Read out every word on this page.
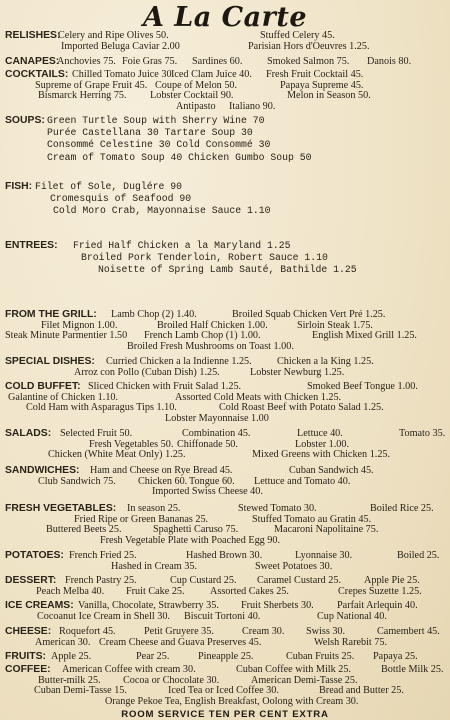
A La Carte
RELISHES:
Celery and Ripe Olives 50.	Stuffed Celery 45.
Imported Beluga Caviar 2.00	Parisian Hors d'Oeuvres 1.25.
CANAPES:
Anchovies 75. Foie Gras 75. Sardines 60. Smoked Salmon 75. Danois 80.
COCKTAILS: Chilled Tomato Juice 30.
Iced Clam Juice 40. Fresh Fruit Cocktail 45.
Supreme of Grape Fruit 45. Coupe of Melon 50.	Papaya Supreme 45.
Bismarck Herring 75. Lobster Cocktail 90.	Melon in Season 50.
Antipasto Italiano 90.
SOUPS: Green Turtle Soup with Sherry Wine 70
Purée Castellana 30 Tartare Soup 30
Consommé Celestine 30 Cold Consommé 30
Cream of Tomato Soup 40 Chicken Gumbo Soup 50
FISH: Filet of Sole, Duglére 90
Cromesquis of Seafood 90
Cold Moro Crab, Mayonnaise Sauce 1.10
ENTREES: Fried Half Chicken a la Maryland 1.25
Broiled Pork Tenderloin, Robert Sauce 1.10
Noisette of Spring Lamb Sauté, Bathilde 1.25
FROM THE GRILL: Lamb Chop (2) 1.40.	Broiled Squab Chicken Vert Pré 1.25.
Filet Mignon 1.00.	Broiled Half Chicken 1.00.	Sirloin Steak 1.75.
Steak Minute Parmentier 1.50 French Lamb Chop (1) 1.00.	English Mixed Grill 1.25.
Broiled Fresh Mushrooms on Toast 1.00.
SPECIAL DISHES: Curried Chicken a la Indienne 1.25. Chicken a la King 1.25.
Arroz con Pollo (Cuban Dish) 1.25.	Lobster Newburg 1.25.
COLD BUFFET: Sliced Chicken with Fruit Salad 1.25.	Smoked Beef Tongue 1.00.
Galantine of Chicken 1.10.	Assorted Cold Meats with Chicken 1.25.
Cold Ham with Asparagus Tips 1.10.	Cold Roast Beef with Potato Salad 1.25.
Lobster Mayonnaise 1.00
SALADS: Selected Fruit 50.	Combination 45.	Lettuce 40.	Tomato 35.
Fresh Vegetables 50. Chiffonade 50.	Lobster 1.00.
Chicken (White Meat Only) 1.25.	Mixed Greens with Chicken 1.25.
SANDWICHES: Ham and Cheese on Rye Bread 45.	Cuban Sandwich 45.
Club Sandwich 75. Chicken 60. Tongue 60. Lettuce and Tomato 40.
Imported Swiss Cheese 40.
FRESH VEGETABLES: In season 25.	Stewed Tomato 30.	Boiled Rice 25.
Fried Ripe or Green Bananas 25.	Stuffed Tomato au Gratin 45.
Buttered Beets 25.	Spaghetti Caruso 75.	Macaroni Napolitaine 75.
Fresh Vegetable Plate with Poached Egg 90.
POTATOES: French Fried 25.	Hashed Brown 30.	Lyonnaise 30.	Boiled 25.
Hashed in Cream 35.	Sweet Potatoes 30.
DESSERT: French Pastry 25.	Cup Custard 25. Caramel Custard 25. Apple Pie 25.
Peach Melba 40. Fruit Cake 25. Assorted Cakes 25.	Crepes Suzette 1.25.
ICE CREAMS: Vanilla, Chocolate, Strawberry 35. Fruit Sherbets 30. Parfait Arlequin 40.
Cocoanut Ice Cream in Shell 30. Biscuit Tortoni 40.	Cup National 40.
CHEESE: Roquefort 45.	Petit Gruyere 35.	Cream 30. Swiss 30.	Camembert 45.
American 30. Cream Cheese and Guava Preserves 45.	Welsh Rarebit 75.
FRUITS: Apple 25.	Pear 25.	Pineapple 25.	Cuban Fruits 25. Papaya 25.
COFFEE: American Coffee with cream 30.	Cuban Coffee with Milk 25.	Bottle Milk 25.
Butter-milk 25. Cocoa or Chocolate 30.	American Demi-Tasse 25.
Cuban Demi-Tasse 15.	Iced Tea or Iced Coffee 30.	Bread and Butter 25.
Orange Pekoe Tea, English Breakfast, Oolong with Cream 30.
ROOM SERVICE TEN PER CENT EXTRA
